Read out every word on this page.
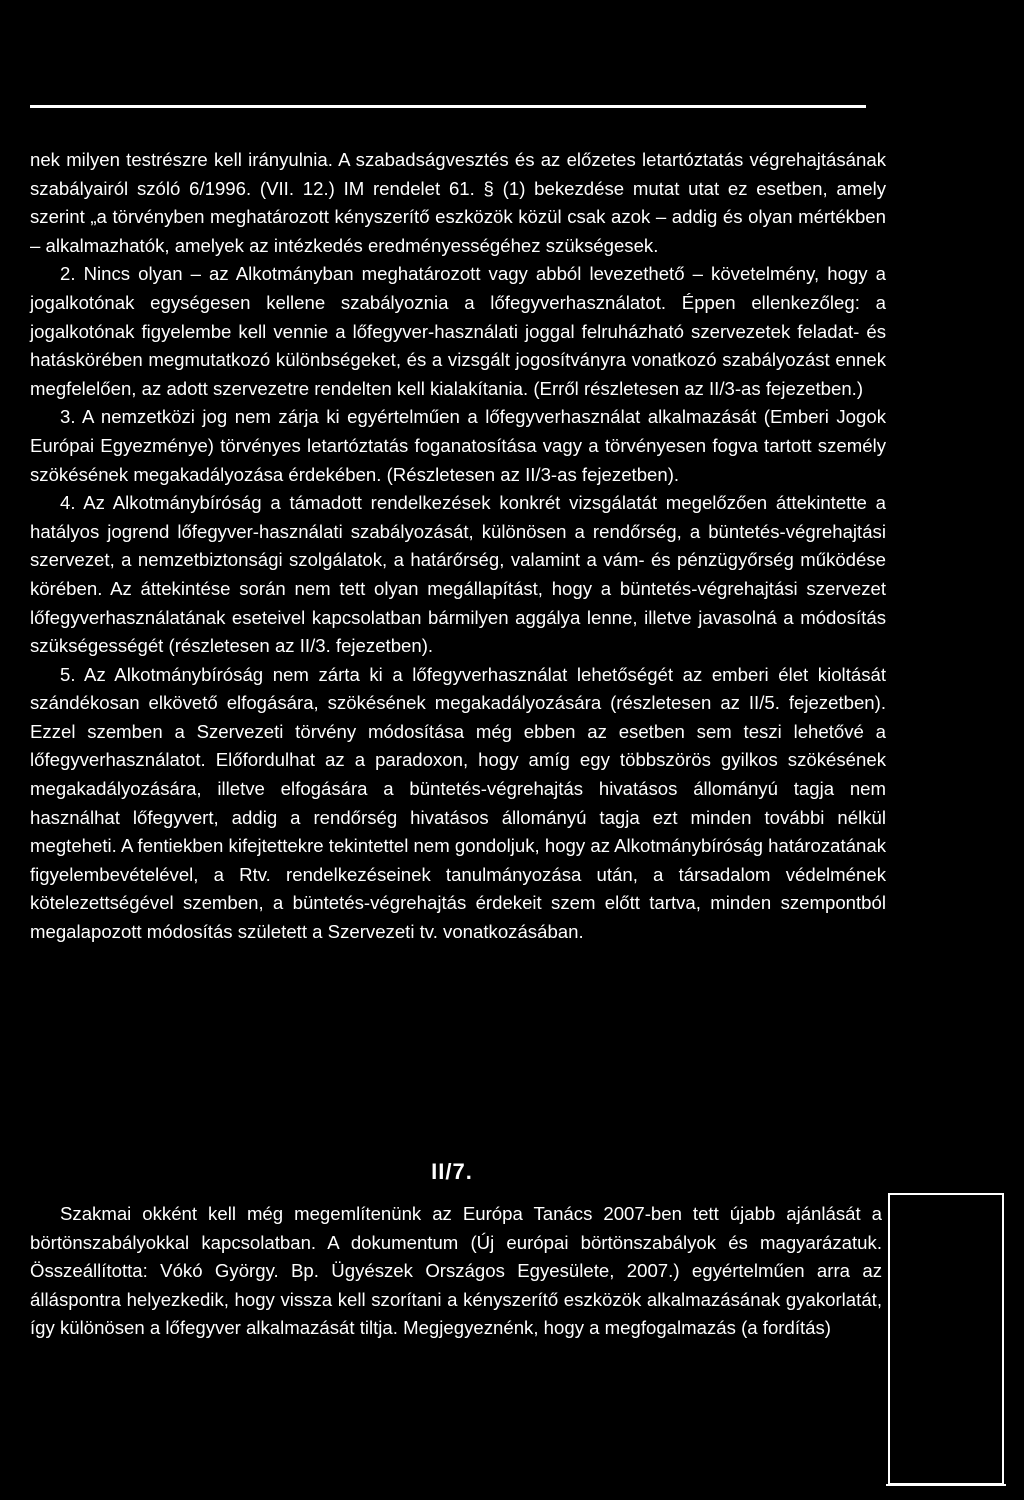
nek milyen testrészre kell irányulnia. A szabadságvesztés és az előzetes letartóztatás végrehajtásának szabályairól szóló 6/1996. (VII. 12.) IM rendelet 61. § (1) bekezdése mutat utat ez esetben, amely szerint „a törvényben meghatározott kényszerítő eszközök közül csak azok – addig és olyan mértékben – alkalmazhatók, amelyek az intézkedés eredményességéhez szükségesek.

2. Nincs olyan – az Alkotmányban meghatározott vagy abból levezethető – követelmény, hogy a jogalkotónak egységesen kellene szabályoznia a lőfegyverhasználatot. Éppen ellenkezőleg: a jogalkotónak figyelembe kell vennie a lőfegyver-használati joggal felruházható szervezetek feladat- és hatáskörében megmutatkozó különbségeket, és a vizsgált jogosítványra vonatkozó szabályozást ennek megfelelően, az adott szervezetre rendelten kell kialakítania. (Erről részletesen az II/3-as fejezetben.)

3. A nemzetközi jog nem zárja ki egyértelműen a lőfegyverhasználat alkalmazását (Emberi Jogok Európai Egyezménye) törvényes letartóztatás foganatosítása vagy a törvényesen fogva tartott személy szökésének megakadályozása érdekében. (Részletesen az II/3-as fejezetben).

4. Az Alkotmánybíróság a támadott rendelkezések konkrét vizsgálatát megelőzően áttekintette a hatályos jogrend lőfegyver-használati szabályozását, különösen a rendőrség, a büntetés-végrehajtási szervezet, a nemzetbiztonsági szolgálatok, a határőrség, valamint a vám- és pénzügyőrség működése körében. Az áttekintése során nem tett olyan megállapítást, hogy a büntetés-végrehajtási szervezet lőfegyverhasználatának eseteivel kapcsolatban bármilyen aggálya lenne, illetve javasolná a módosítás szükségességét (részletesen az II/3. fejezetben).

5. Az Alkotmánybíróság nem zárta ki a lőfegyverhasználat lehetőségét az emberi élet kioltását szándékosan elkövető elfogására, szökésének megakadályozására (részletesen az II/5. fejezetben). Ezzel szemben a Szervezeti törvény módosítása még ebben az esetben sem teszi lehetővé a lőfegyverhasználatot. Előfordulhat az a paradoxon, hogy amíg egy többszörös gyilkos szökésének megakadályozására, illetve elfogására a büntetés-végrehajtás hivatásos állományú tagja nem használhat lőfegyvert, addig a rendőrség hivatásos állományú tagja ezt minden további nélkül megteheti. A fentiekben kifejtettekre tekintettel nem gondoljuk, hogy az Alkotmánybíróság határozatának figyelembevételével, a Rtv. rendelkezéseinek tanulmányozása után, a társadalom védelmének kötelezettségével szemben, a büntetés-végrehajtás érdekeit szem előtt tartva, minden szempontból megalapozott módosítás született a Szervezeti tv. vonatkozásában.

II/7.

Szakmai okként kell még megemlítenünk az Európa Tanács 2007-ben tett újabb ajánlását a börtönszabályokkal kapcsolatban. A dokumentum (Új európai börtönszabályok és magyarázatuk. Összeállította: Vókó György. Bp. Ügyészek Országos Egyesülete, 2007.) egyértelműen arra az álláspontra helyezkedik, hogy vissza kell szorítani a kényszerítő eszközök alkalmazásának gyakorlatát, így különösen a lőfegyver alkalmazását tiltja. Megjegyeznénk, hogy a megfogalmazás (a fordítás)
